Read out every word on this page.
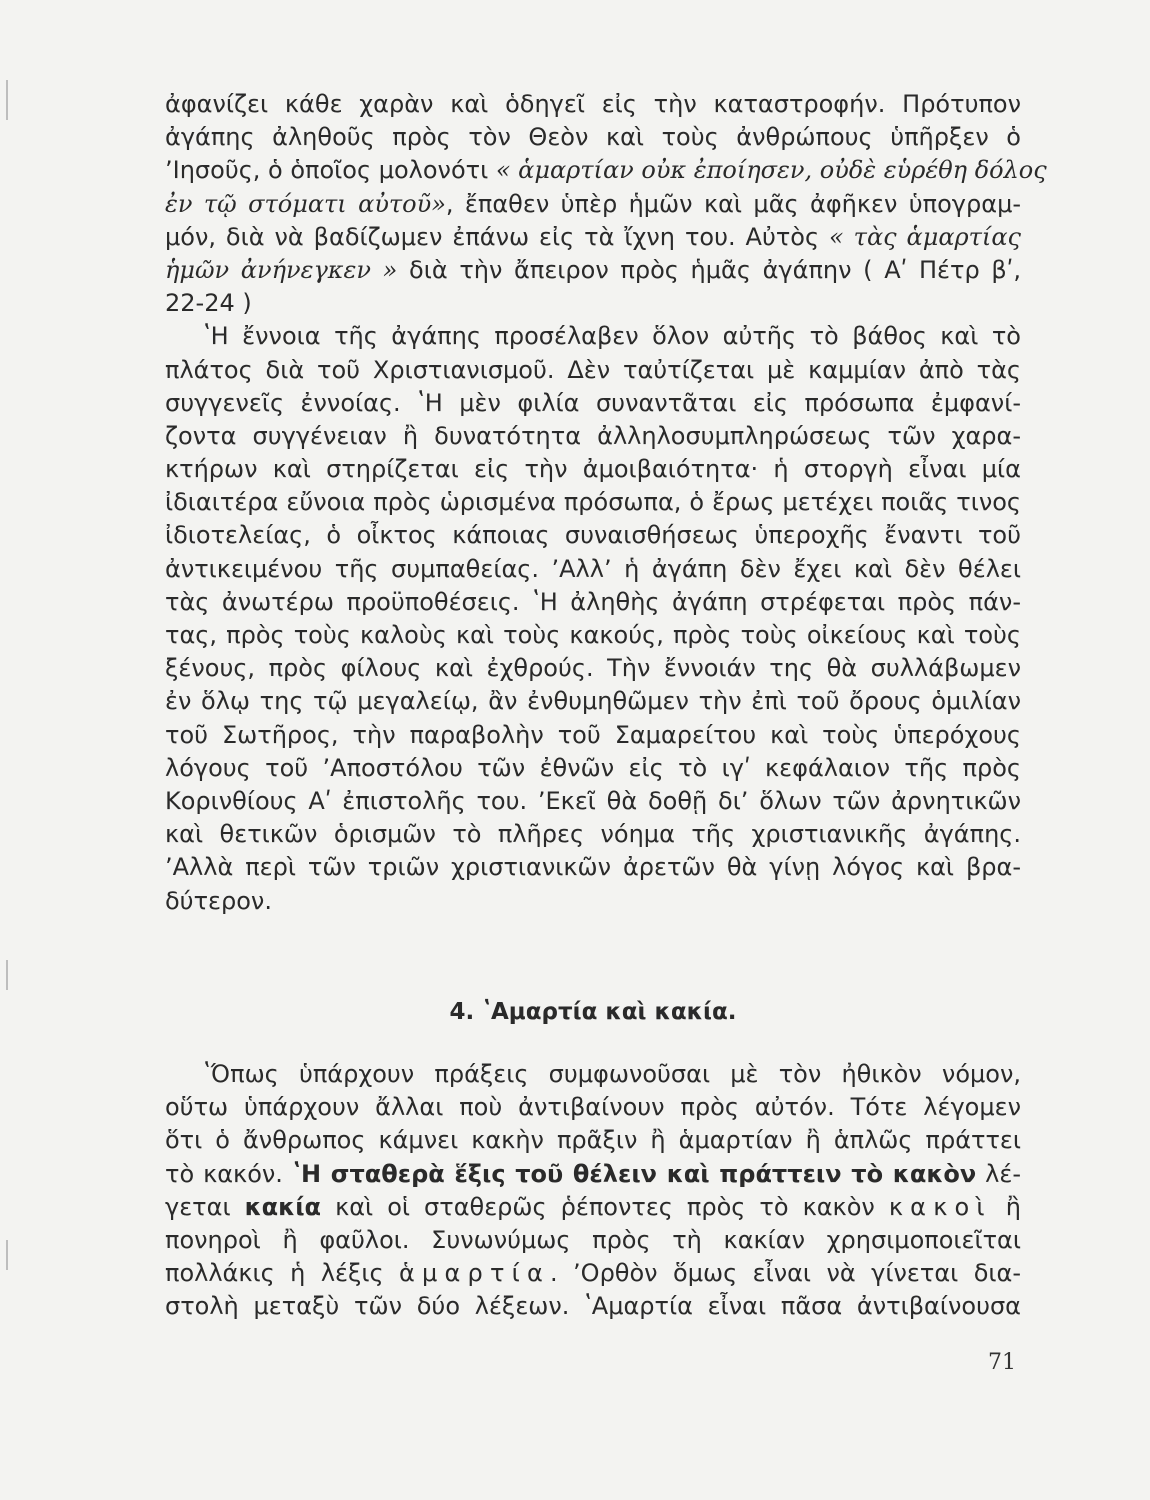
ἀφανίζει κάθε χαρὰν καὶ ὁδηγεῖ εἰς τὴν καταστροφήν. Πρότυπον
ἀγάπης ἀληθοῦς πρὸς τὸν Θεὸν καὶ τοὺς ἀνθρώπους ὑπῆρξεν ὁ
ʼΙησοῦς, ὁ ὁποῖος μολονότι « ἁμαρτίαν οὐκ ἐποίησεν, οὐδὲ εὑρέθη δόλος
ἐν τῷ στόματι αὐτοῦ», ἔπαθεν ὑπὲρ ἡμῶν καὶ μᾶς ἀφῆκεν ὑπογραμ-
μόν, διὰ νὰ βαδίζωμεν ἐπάνω εἰς τὰ ἴχνη του. Αὐτὸς « τὰς ἁμαρτίας
ἡμῶν ἀνήνεγκεν » διὰ τὴν ἄπειρον πρὸς ἡμᾶς ἀγάπην ( Αʹ Πέτρ βʹ,
22-24 )
ʽΗ ἔννοια τῆς ἀγάπης προσέλαβεν ὅλον αὐτῆς τὸ βάθος καὶ τὸ
πλάτος διὰ τοῦ Χριστιανισμοῦ. Δὲν ταὐτίζεται μὲ καμμίαν ἀπὸ τὰς
συγγενεῖς ἐννοίας. ʽΗ μὲν φιλία συναντᾶται εἰς πρόσωπα ἐμφανί-
ζοντα συγγένειαν ἢ δυνατότητα ἀλληλοσυμπληρώσεως τῶν χαρα-
κτήρων καὶ στηρίζεται εἰς τὴν ἀμοιβαιότητα· ἡ στοργὴ εἶναι μία
ἰδιαιτέρα εὔνοια πρὸς ὡρισμένα πρόσωπα, ὁ ἔρως μετέχει ποιᾶς τινος
ἰδιοτελείας, ὁ οἶκτος κάποιας συναισθήσεως ὑπεροχῆς ἔναντι τοῦ
ἀντικειμένου τῆς συμπαθείας. ʼΑλλʼ ἡ ἀγάπη δὲν ἔχει καὶ δὲν θέλει
τὰς ἀνωτέρω προϋποθέσεις. ʽΗ ἀληθὴς ἀγάπη στρέφεται πρὸς πάν-
τας, πρὸς τοὺς καλοὺς καὶ τοὺς κακούς, πρὸς τοὺς οἰκείους καὶ τοὺς
ξένους, πρὸς φίλους καὶ ἐχθρούς. Τὴν ἔννοιάν της θὰ συλλάβωμεν
ἐν ὅλῳ της τῷ μεγαλείῳ, ἂν ἐνθυμηθῶμεν τὴν ἐπὶ τοῦ ὄρους ὁμιλίαν
τοῦ Σωτῆρος, τὴν παραβολὴν τοῦ Σαμαρείτου καὶ τοὺς ὑπερόχους
λόγους τοῦ ʼΑποστόλου τῶν ἐθνῶν εἰς τὸ ιγʹ κεφάλαιον τῆς πρὸς
Κορινθίους Αʹ ἐπιστολῆς του. ʼΕκεῖ θὰ δοθῇ διʼ ὅλων τῶν ἀρνητικῶν
καὶ θετικῶν ὁρισμῶν τὸ πλῆρες νόημα τῆς χριστιανικῆς ἀγάπης.
ʼΑλλὰ περὶ τῶν τριῶν χριστιανικῶν ἀρετῶν θὰ γίνῃ λόγος καὶ βρα-
δύτερον.
4. ʽΑμαρτία καὶ κακία.
ʽΌπως ὑπάρχουν πράξεις συμφωνοῦσαι μὲ τὸν ἠθικὸν νόμον,
οὕτω ὑπάρχουν ἄλλαι ποὺ ἀντιβαίνουν πρὸς αὐτόν. Τότε λέγομεν
ὅτι ὁ ἄνθρωπος κάμνει κακὴν πρᾶξιν ἢ ἁμαρτίαν ἢ ἁπλῶς πράττει
τὸ κακόν. ʽΗ σταθερὰ ἕξις τοῦ θέλειν καὶ πράττειν τὸ κακὸν λέ-
γεται κακία καὶ οἱ σταθερῶς ῥέποντες πρὸς τὸ κακὸν κακοὶ ἢ
πονηροὶ ἢ φαῦλοι. Συνωνύμως πρὸς τὴ κακίαν χρησιμοποιεῖται
πολλάκις ἡ λέξις ἁμαρτία. ʼΟρθὸν ὅμως εἶναι νὰ γίνεται δια-
στολὴ μεταξὺ τῶν δύο λέξεων. ʽΑμαρτία εἶναι πᾶσα ἀντιβαίνουσα
71
